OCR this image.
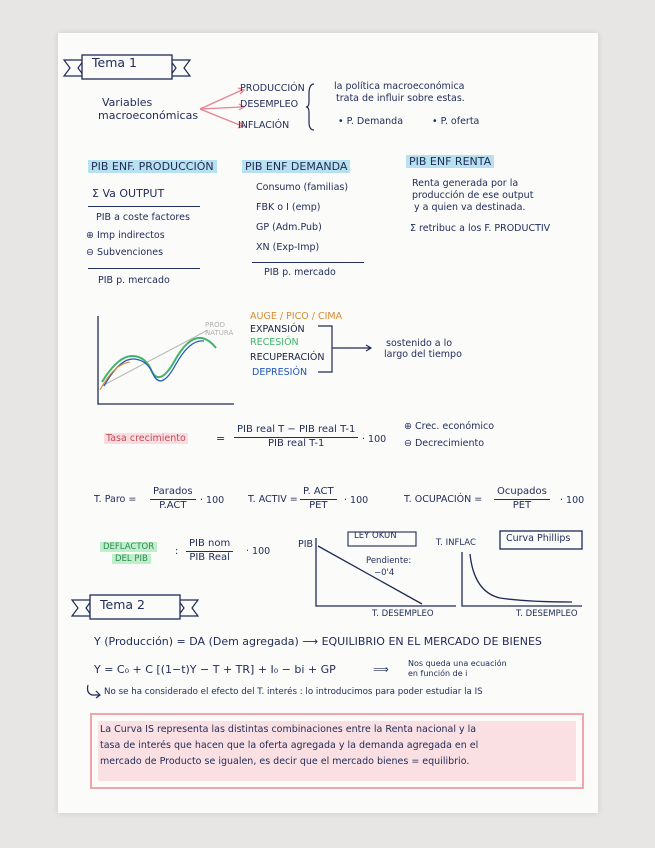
Tema 1
Variables
macroeconómicas
PRODUCCIÓN
DESEMPLEO
INFLACIÓN
la política macroeconómica
trata de influir sobre estas.
• P. Demanda	• P. oferta
PIB ENF. PRODUCCIÓN
Σ Va OUTPUT
PIB a coste factores
⊕ Imp indirectos
⊖ Subvenciones
PIB p. mercado
PIB ENF DEMANDA
Consumo (familias)
FBK o I (emp)
GP (Adm.Pub)
XN (Exp-Imp)
PIB p. mercado
PIB ENF RENTA
Renta generada por la
producción de ese output
y a quien va destinada.
Σ retribuc a los F. PRODUCTIV
PROD
NATURA
AUGE / PICO / CIMA
EXPANSIÓN
RECESIÓN
RECUPERACIÓN
DEPRESIÓN
sostenido a lo
largo del tiempo
Tasa crecimiento	=
PIB real T − PIB real T-1
PIB real T-1	· 100
⊕ Crec. económico
⊖ Decrecimiento
T. Paro =
Parados
P.ACT	· 100	T. ACTIV =
P. ACT
PET	· 100	T. OCUPACIÓN =
Ocupados
PET	· 100
DEFLACTOR
DEL PIB
:
PIB nom
PIB Real	· 100
PIB
LEY OKUN
Pendiente:
−0'4
T. DESEMPLEO
T. INFLAC	Curva Phillips
T. DESEMPLEO
Tema 2
Y (Producción) = DA (Dem agregada) ⟶ EQUILIBRIO EN EL MERCADO DE BIENES
Y = C₀ + C [(1−t)Y − T + TR] + I₀ − bi + GP	⟹ Nos queda una ecuación
en función de i
No se ha considerado el efecto del T. interés : lo introducimos para poder estudiar la IS
La Curva IS representa las distintas combinaciones entre la Renta nacional y la
tasa de interés que hacen que la oferta agregada y la demanda agregada en el
mercado de Producto se igualen, es decir que el mercado bienes = equilibrio.
